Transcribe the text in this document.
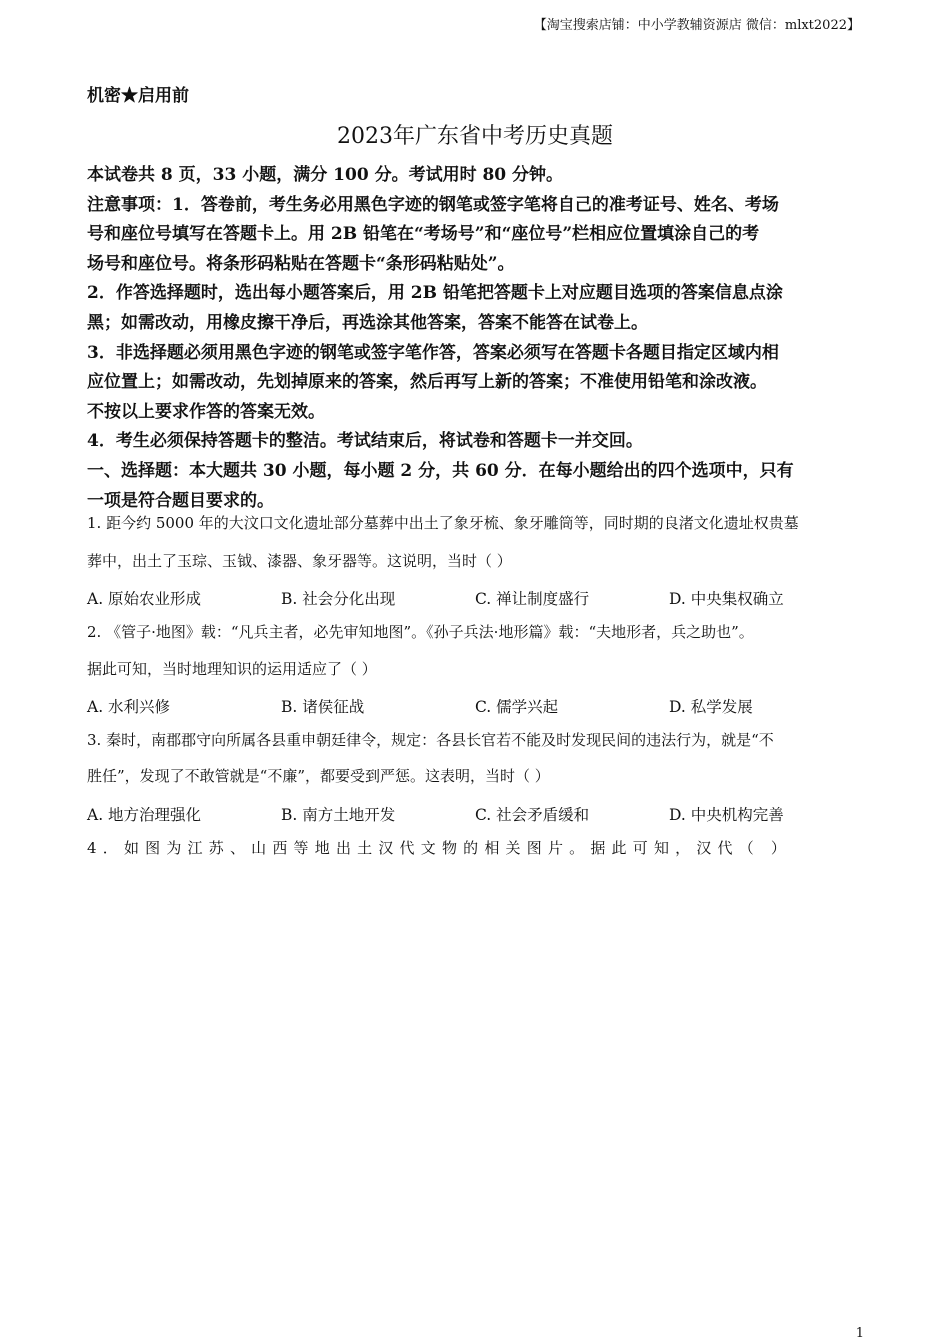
【淘宝搜索店铺：中小学教辅资源店 微信：mlxt2022】
机密★启用前
2023年广东省中考历史真题
本试卷共 8 页，33 小题，满分 100 分。考试用时 80 分钟。
注意事项：1．答卷前，考生务必用黑色字迹的钢笔或签字笔将自己的准考证号、姓名、考场
号和座位号填写在答题卡上。用 2B 铅笔在“考场号”和“座位号”栏相应位置填涂自己的考
场号和座位号。将条形码粘贴在答题卡“条形码粘贴处”。
2．作答选择题时，选出每小题答案后，用 2B 铅笔把答题卡上对应题目选项的答案信息点涂
黑；如需改动，用橡皮擦干净后，再选涂其他答案，答案不能答在试卷上。
3．非选择题必须用黑色字迹的钢笔或签字笔作答，答案必须写在答题卡各题目指定区域内相
应位置上；如需改动，先划掉原来的答案，然后再写上新的答案；不准使用铅笔和涂改液。
不按以上要求作答的答案无效。
4．考生必须保持答题卡的整洁。考试结束后，将试卷和答题卡一并交回。
一、选择题：本大题共 30 小题，每小题 2 分，共 60 分．在每小题给出的四个选项中，只有
一项是符合题目要求的。
1. 距今约 5000 年的大汶口文化遗址部分墓葬中出土了象牙梳、象牙雕筒等，同时期的良渚文化遗址权贵墓
葬中，出土了玉琮、玉钺、漆器、象牙器等。这说明，当时（ ）
A. 原始农业形成	B. 社会分化出现	C. 禅让制度盛行	D. 中央集权确立
2. 《管子·地图》载：“凡兵主者，必先审知地图”。《孙子兵法·地形篇》载：“夫地形者，兵之助也”。
据此可知，当时地理知识的运用适应了（ ）
A. 水利兴修	B. 诸侯征战	C. 儒学兴起	D. 私学发展
3. 秦时，南郡郡守向所属各县重申朝廷律令，规定：各县长官若不能及时发现民间的违法行为，就是“不
胜任”，发现了不敢管就是“不廉”，都要受到严惩。这表明，当时（ ）
A. 地方治理强化	B. 南方土地开发	C. 社会矛盾缓和	D. 中央机构完善
4．如图为江苏、山西等地出土汉代文物的相关图片。据此可知，汉代（ ）
1
